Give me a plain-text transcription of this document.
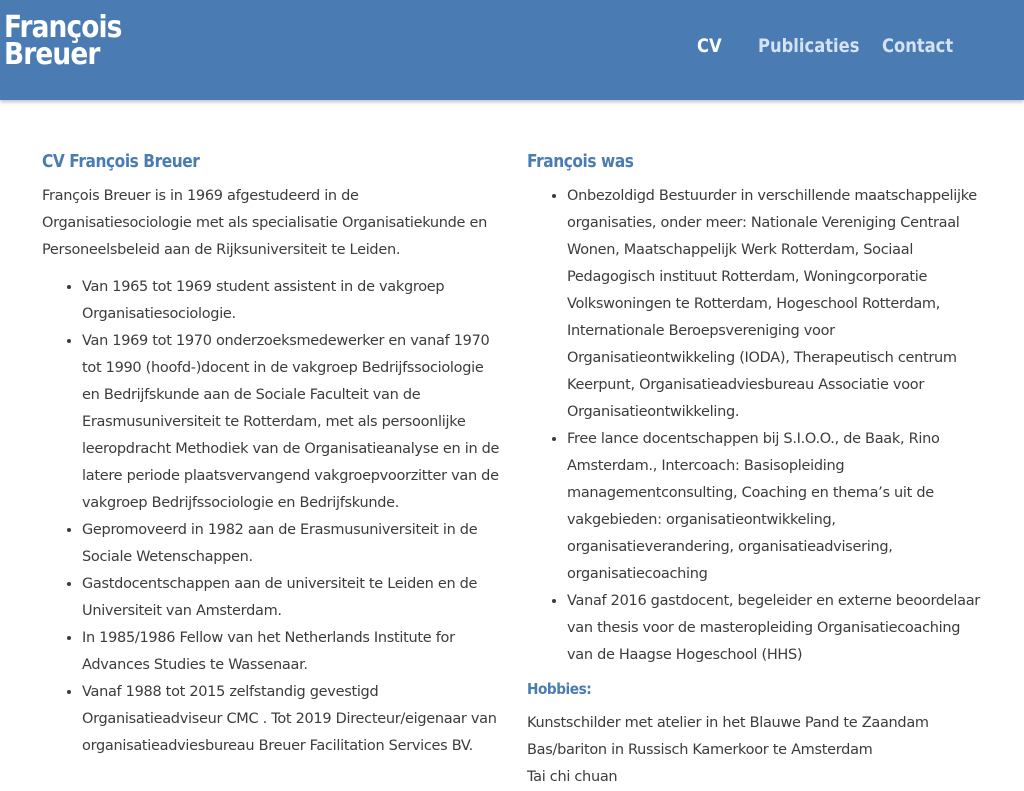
François
Breuer	CV Publicaties Contact
CV François Breuer

François Breuer is in 1969 afgestudeerd in de Organisatiesociologie met als specialisatie Organisatiekunde en Personeelsbeleid aan de Rijksuniversiteit te Leiden.

• Van 1965 tot 1969 student assistent in de vakgroep Organisatiesociologie.
• Van 1969 tot 1970 onderzoeksmedewerker en vanaf 1970 tot 1990 (hoofd-)docent in de vakgroep Bedrijfssociologie en Bedrijfskunde aan de Sociale Faculteit van de Erasmusuniversiteit te Rotterdam, met als persoonlijke leeropdracht Methodiek van de Organisatieanalyse en in de latere periode plaatsvervangend vakgroepvoorzitter van de vakgroep Bedrijfssociologie en Bedrijfskunde.
• Gepromoveerd in 1982 aan de Erasmusuniversiteit in de Sociale Wetenschappen.
• Gastdocentschappen aan de universiteit te Leiden en de Universiteit van Amsterdam.
• In 1985/1986 Fellow van het Netherlands Institute for Advances Studies te Wassenaar.
• Vanaf 1988 tot 2015 zelfstandig gevestigd Organisatieadviseur CMC . Tot 2019 Directeur/eigenaar van organisatieadviesbureau Breuer Facilitation Services BV.
François was
• Onbezoldigd Bestuurder in verschillende maatschappelijke organisaties, onder meer: Nationale Vereniging Centraal Wonen, Maatschappelijk Werk Rotterdam, Sociaal Pedagogisch instituut Rotterdam, Woningcorporatie Volkswoningen te Rotterdam, Hogeschool Rotterdam, Internationale Beroepsvereniging voor Organisatieontwikkeling (IODA), Therapeutisch centrum Keerpunt, Organisatieadviesbureau Associatie voor Organisatieontwikkeling.
• Free lance docentschappen bij S.I.O.O., de Baak, Rino Amsterdam., Intercoach: Basisopleiding managementconsulting, Coaching en thema’s uit de vakgebieden: organisatieontwikkeling, organisatieverandering, organisatieadvisering, organisatiecoaching
• Vanaf 2016 gastdocent, begeleider en externe beoordelaar van thesis voor de masteropleiding Organisatiecoaching van de Haagse Hogeschool (HHS)
Hobbies:

Kunstschilder met atelier in het Blauwe Pand te Zaandam

Bas/bariton in Russisch Kamerkoor te Amsterdam

Tai chi chuan
